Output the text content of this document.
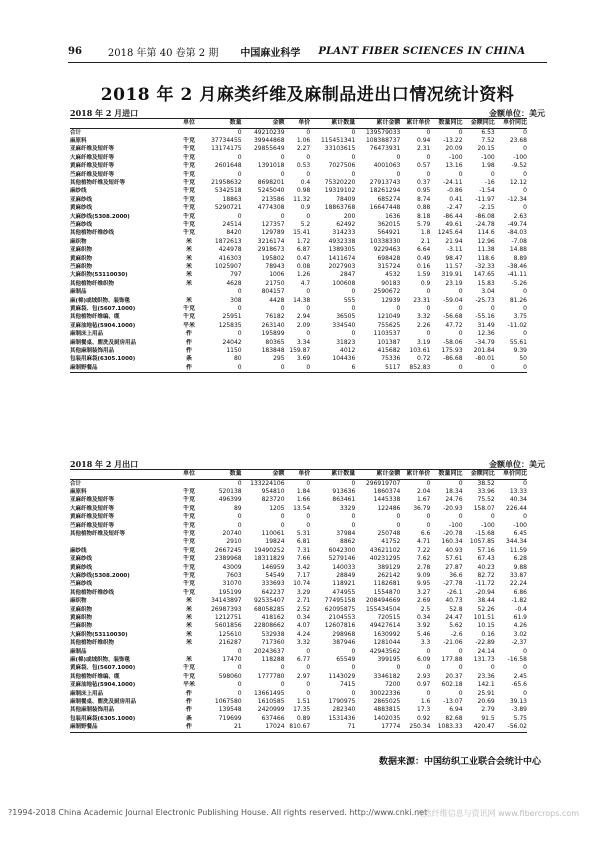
96	2018 年第 40 卷第 2 期 中国麻业科学 PLANT FIBER SCIENCES IN CHINA
2018 年 2 月麻类纤维及麻制品进出口情况统计资料
2018 年 2 月进口	金额单位：美元
	单位	数量	金额	单价	累计数量	累计金额	累计单价	数量同比	金额同比	单价同比
合计		0	49210239	0	0	139579033	0	0	6.53	0
麻原料	千克	37734455	39944868	1.06	115451341	108388737	0.94	-13.22	7.52	23.68
亚麻纤维及短纤等	千克	13174175	29855649	2.27	33103615	76473931	2.31	20.09	20.15	0
大麻纤维及短纤等	千克	0	0	0	0	0	0	-100	-100	-100
黄麻纤维及短纤等	千克	2601648	1391018	0.53	7027506	4001063	0.57	13.16	1.98	-9.52
苎麻纤维及短纤等	千克	0	0	0	0	0	0	0	0	0
其他植物纤维及短纤等	千克	21958632	8698201	0.4	75320220	27913743	0.37	-24.11	-16	12.12
麻纱线	千克	5342518	5245040	0.98	19319102	18261294	0.95	-0.86	-1.54	0
亚麻纱线	千克	18863	213586	11.32	78409	685274	8.74	0.41	-11.97	-12.34
黄麻纱线	千克	5290721	4774308	0.9	18863768	16647448	0.88	-2.47	-2.15	0
大麻纱线(5308.2000)	千克	0	0	0	200	1636	8.18	-86.44	-86.08	2.63
苎麻纱线	千克	24514	127357	5.2	62492	362015	5.79	49.61	-24.78	-49.74
其他植物纤维纱线	千克	8420	129789	15.41	314233	564921	1.8	1245.64	114.6	-84.03
麻织物	米	1872613	3216174	1.72	4932338	10338330	2.1	21.94	12.96	-7.08
亚麻织物	米	424978	2918673	6.87	1389305	9229463	6.64	-3.11	11.38	14.88
黄麻织物	米	416303	195802	0.47	1411674	698428	0.49	98.47	118.6	8.89
苎麻织物	米	1025907	78943	0.08	2027903	315724	0.16	11.57	-32.33	-38.46
大麻织物(53110030)	米	797	1006	1.26	2847	4532	1.59	319.91	147.65	-41.11
其他植物纤维织物	米	4628	21750	4.7	100608	90183	0.9	23.19	15.83	-5.26
麻制品		0	804157	0	0	2590672	0	0	3.04	0
麻(棉)或绒织物、装饰毯	米	308	4428	14.38	555	12939	23.31	-59.04	-25.73	81.26
黄麻袋、包(5607.1000)	千克	0	0	0	0	0	0	0	0	0
其他植物纤维编、缆	千克	25951	76182	2.94	36505	121049	3.32	-56.68	-55.16	3.75
亚麻油地毡(5904.1000)	平米	125835	263140	2.09	334540	755625	2.26	47.72	31.49	-11.02
麻制床上用品	件	0	195899	0	0	1103537	0	0	12.36	0
麻制餐桌、盥洗及厨房用品	件	24042	80365	3.34	31823	101387	3.19	-58.06	-34.79	55.61
其他麻制装饰用品	件	1150	183848	159.87	4012	415682	103.61	175.93	201.84	9.39
包装用麻袋(6305.1000)	条	80	295	3.69	104436	75336	0.72	-86.68	-80.01	50
麻制野餐品	件	0	0	0	6	5117	852.83	0	0	0
2018 年 2 月出口	金额单位：美元
	单位	数量	金额	单价	累计数量	累计金额	累计单价	数量同比	金额同比	单价同比
合计		0	133224106	0	0	296919707	0	0	38.52	0
麻原料	千克	520138	954810	1.84	913636	1860374	2.04	18.34	33.96	13.33
亚麻纤维及短纤等	千克	496399	823720	1.66	863461	1445338	1.67	24.76	75.52	40.34
大麻纤维及短纤等	千克	89	1205	13.54	3329	122486	36.79	-20.93	158.07	226.44
黄麻纤维及短纤等	千克	0	0	0	0	0	0	0	0	0
苎麻纤维及短纤等	千克	0	0	0	0	0	0	-100	-100	-100
其他植物纤维及短纤等	千克	20740	110061	5.31	37984	250748	6.6	-20.78	-15.68	6.45
	千克	2910	19824	6.81	8862	41752	4.71	160.34	1057.85	344.34
麻纱线	千克	2667245	19490252	7.31	6042300	43621102	7.22	40.93	57.16	11.59
亚麻纱线	千克	2389968	18311829	7.66	5279146	40231295	7.62	57.61	67.43	6.28
黄麻纱线	千克	43009	146959	3.42	140033	389129	2.78	27.87	40.23	9.88
大麻纱线(5308.2000)	千克	7603	54549	7.17	28849	262142	9.09	36.6	82.72	33.87
苎麻纱线	千克	31070	333693	10.74	118921	1182681	9.95	-27.78	-11.72	22.24
其他植物纤维纱线	千克	195199	642237	3.29	474955	1554870	3.27	-26.1	-20.94	6.86
麻织物	米	34143897	92535407	2.71	77495158	208494669	2.69	40.73	38.44	-1.82
亚麻织物	米	26987393	68058285	2.52	62095875	155434504	2.5	52.8	52.26	-0.4
黄麻织物	米	1212751	418162	0.34	2104553	720515	0.34	24.47	101.51	61.9
苎麻织物	米	5601856	22808662	4.07	12607816	49427614	3.92	5.62	10.15	4.26
大麻织物(53110030)	米	125610	532938	4.24	298968	1630992	5.46	-2.6	0.16	3.02
其他植物纤维织物	米	216287	717360	3.32	387946	1281044	3.3	-21.06	-22.89	-2.37
麻制品		0	20243637	0	0	42943562	0	0	24.14	0
麻(棉)或绒织物、装饰毯	米	17470	118288	6.77	65549	399195	6.09	177.88	131.73	-16.58
黄麻袋、包(5607.1000)	千克	0	0	0	0	0	0	0	0	0
其他植物纤维编、缆	千克	598060	1777780	2.97	1143029	3346182	2.93	20.37	23.36	2.45
亚麻油地毡(5904.1000)	平米	0	0	0	7415	7200	0.97	602.18	142.1	-65.6
麻制床上用品	件	0	13661495	0	0	30022336	0	0	25.91	0
麻制餐桌、盥洗及厨房用品	件	1067580	1610585	1.51	1790975	2865025	1.6	-13.07	20.69	39.13
其他麻制装饰用品	件	139548	2420999	17.35	282340	4883815	17.3	6.94	2.79	-3.89
包装用麻袋(6305.1000)	条	719699	637466	0.89	1531436	1402035	0.92	82.68	91.5	5.75
麻制野餐品	件	21	17024	810.67	71	17774	250.34	1083.33	420.47	-56.02
数据来源：中国纺织工业联合会统计中心
?1994-2018 China Academic Journal Electronic Publishing House. All rights reserved. http://www.cnki.net
天然纤维信息与资讯网 www.fibercrops.com
